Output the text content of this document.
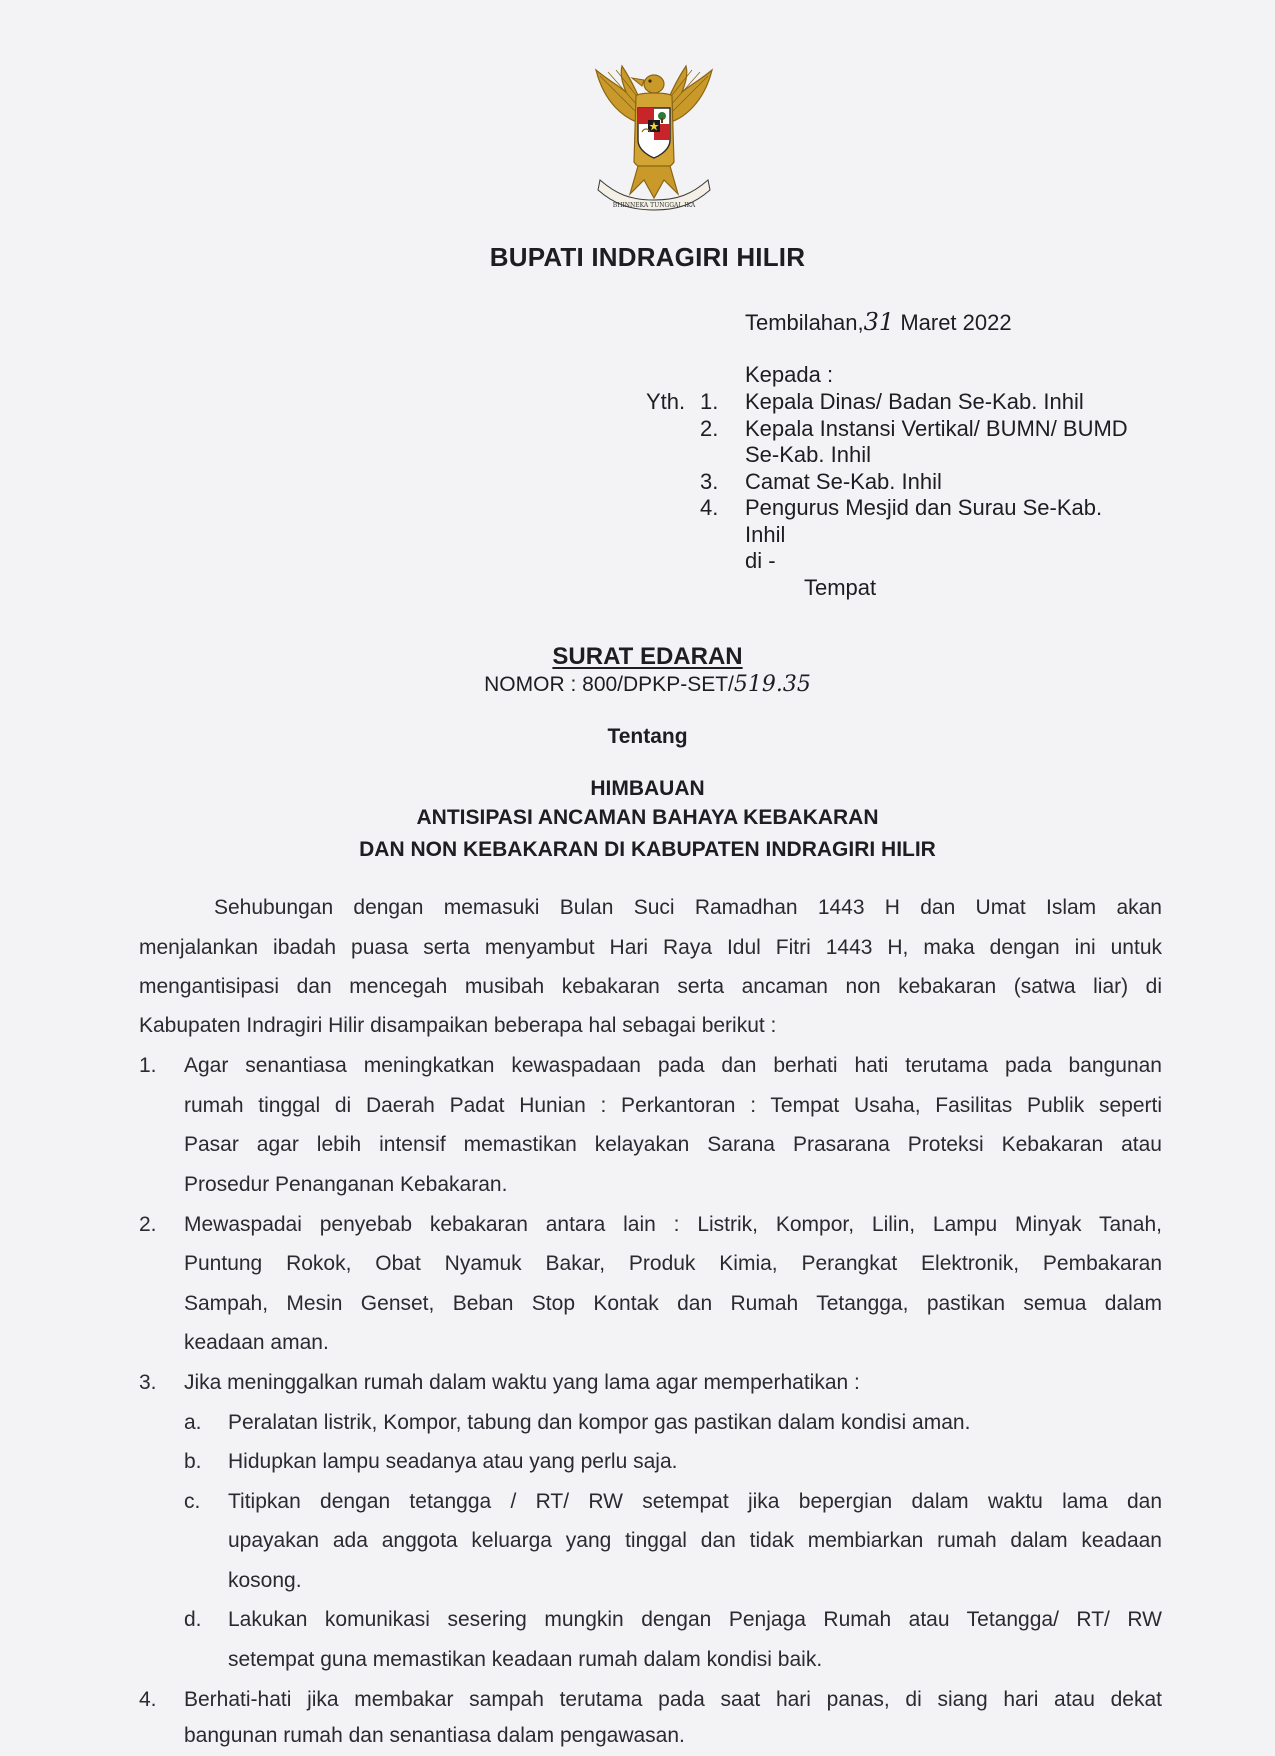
BHINNEKA TUNGGAL IKA
BUPATI INDRAGIRI HILIR
Tembilahan,31 Maret 2022
Kepada :
Yth. 1. Kepala Dinas/ Badan Se-Kab. Inhil
2. Kepala Instansi Vertikal/ BUMN/ BUMD
Se-Kab. Inhil
3. Camat Se-Kab. Inhil
4. Pengurus Mesjid dan Surau Se-Kab.
Inhil
di -
Tempat
SURAT EDARAN
NOMOR : 800/DPKP-SET/519.35
Tentang
HIMBAUAN
ANTISIPASI ANCAMAN BAHAYA KEBAKARAN
DAN NON KEBAKARAN DI KABUPATEN INDRAGIRI HILIR
Sehubungan dengan memasuki Bulan Suci Ramadhan 1443 H dan Umat Islam akan
menjalankan ibadah puasa serta menyambut Hari Raya Idul Fitri 1443 H, maka dengan ini untuk
mengantisipasi dan mencegah musibah kebakaran serta ancaman non kebakaran (satwa liar) di
Kabupaten Indragiri Hilir disampaikan beberapa hal sebagai berikut :
1. Agar senantiasa meningkatkan kewaspadaan pada dan berhati hati terutama pada bangunan
rumah tinggal di Daerah Padat Hunian : Perkantoran : Tempat Usaha, Fasilitas Publik seperti
Pasar agar lebih intensif memastikan kelayakan Sarana Prasarana Proteksi Kebakaran atau
Prosedur Penanganan Kebakaran.
2. Mewaspadai penyebab kebakaran antara lain : Listrik, Kompor, Lilin, Lampu Minyak Tanah,
Puntung Rokok, Obat Nyamuk Bakar, Produk Kimia, Perangkat Elektronik, Pembakaran
Sampah, Mesin Genset, Beban Stop Kontak dan Rumah Tetangga, pastikan semua dalam
keadaan aman.
3. Jika meninggalkan rumah dalam waktu yang lama agar memperhatikan :
a. Peralatan listrik, Kompor, tabung dan kompor gas pastikan dalam kondisi aman.
b. Hidupkan lampu seadanya atau yang perlu saja.
c. Titipkan dengan tetangga / RT/ RW setempat jika bepergian dalam waktu lama dan
upayakan ada anggota keluarga yang tinggal dan tidak membiarkan rumah dalam keadaan
kosong.
d. Lakukan komunikasi sesering mungkin dengan Penjaga Rumah atau Tetangga/ RT/ RW
setempat guna memastikan keadaan rumah dalam kondisi baik.
4. Berhati-hati jika membakar sampah terutama pada saat hari panas, di siang hari atau dekat
bangunan rumah dan senantiasa dalam pengawasan.
